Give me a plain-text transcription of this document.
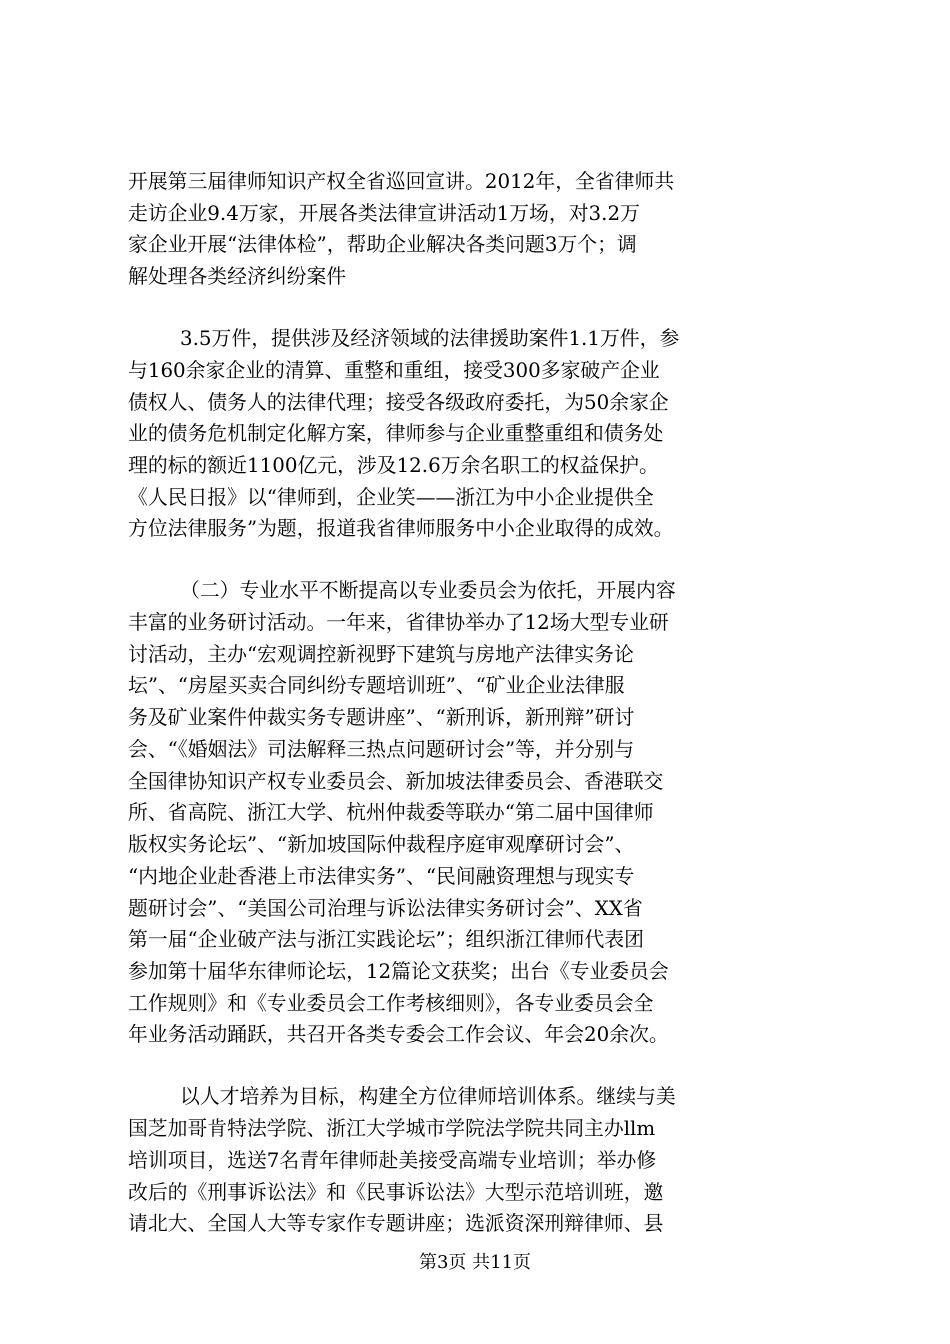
开展第三届律师知识产权全省巡回宣讲。2012年，全省律师共
走访企业9.4万家，开展各类法律宣讲活动1万场，对3.2万
家企业开展“法律体检”，帮助企业解决各类问题3万个；调
解处理各类经济纠纷案件
3.5万件，提供涉及经济领域的法律援助案件1.1万件，参
与160余家企业的清算、重整和重组，接受300多家破产企业
债权人、债务人的法律代理；接受各级政府委托，为50余家企
业的债务危机制定化解方案，律师参与企业重整重组和债务处
理的标的额近1100亿元，涉及12.6万余名职工的权益保护。
《人民日报》以“律师到，企业笑——浙江为中小企业提供全
方位法律服务”为题，报道我省律师服务中小企业取得的成效。
（二）专业水平不断提高以专业委员会为依托，开展内容
丰富的业务研讨活动。一年来，省律协举办了12场大型专业研
讨活动，主办“宏观调控新视野下建筑与房地产法律实务论
坛”、“房屋买卖合同纠纷专题培训班”、“矿业企业法律服
务及矿业案件仲裁实务专题讲座”、“新刑诉，新刑辩”研讨
会、“《婚姻法》司法解释三热点问题研讨会”等，并分别与
全国律协知识产权专业委员会、新加坡法律委员会、香港联交
所、省高院、浙江大学、杭州仲裁委等联办“第二届中国律师
版权实务论坛”、“新加坡国际仲裁程序庭审观摩研讨会”、
“内地企业赴香港上市法律实务”、“民间融资理想与现实专
题研讨会”、“美国公司治理与诉讼法律实务研讨会”、XX省
第一届“企业破产法与浙江实践论坛”；组织浙江律师代表团
参加第十届华东律师论坛，12篇论文获奖；出台《专业委员会
工作规则》和《专业委员会工作考核细则》，各专业委员会全
年业务活动踊跃，共召开各类专委会工作会议、年会20余次。
以人才培养为目标，构建全方位律师培训体系。继续与美
国芝加哥肯特法学院、浙江大学城市学院法学院共同主办llm
培训项目，选送7名青年律师赴美接受高端专业培训；举办修
改后的《刑事诉讼法》和《民事诉讼法》大型示范培训班，邀
请北大、全国人大等专家作专题讲座；选派资深刑辩律师、县
第3页 共11页
